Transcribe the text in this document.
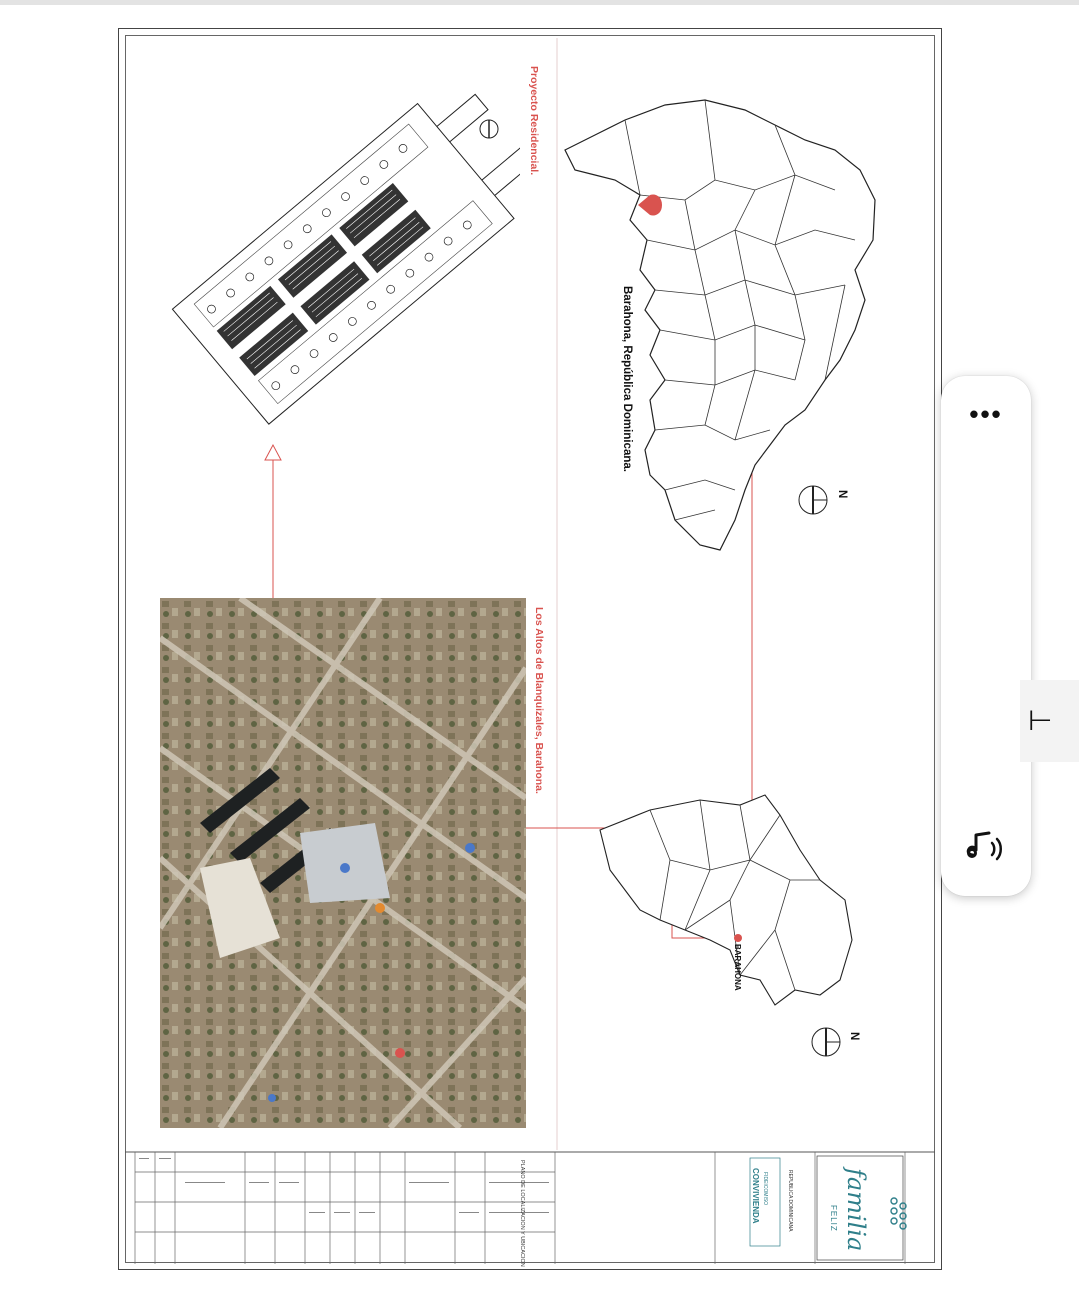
N
N
Proyecto Residencial.
Barahona, República Dominicana.
Los Altos de Blanquizales, Barahona.
BARAHONA
PLANO DE LOCALIZACION Y UBICACION	REPUBLICA DOMINICANA
FIDEICOMISO
CONVIVIENDA	familia
FELIZ
•••
⊢
